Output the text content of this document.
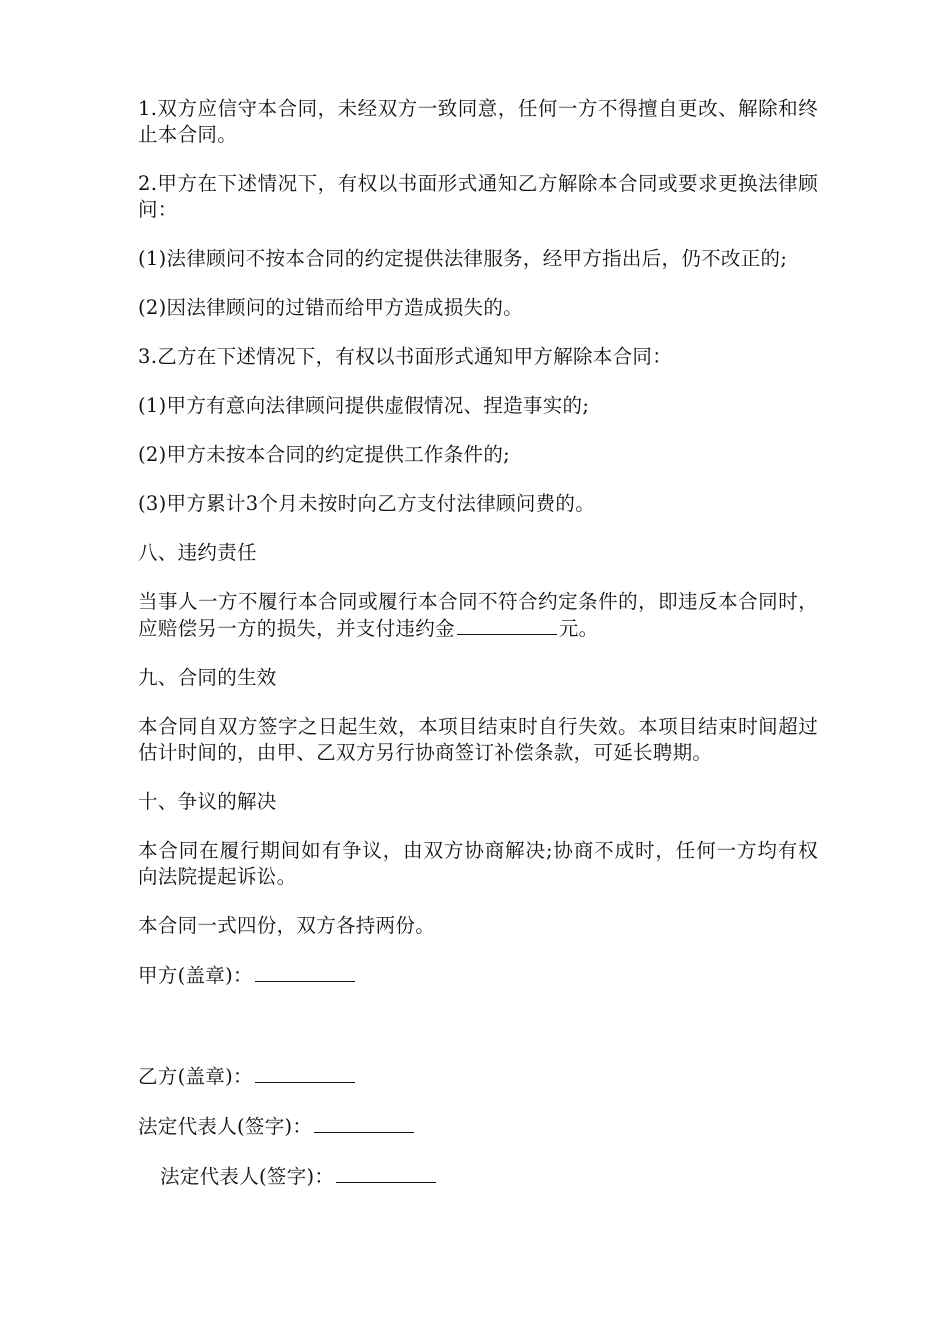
1.双方应信守本合同，未经双方一致同意，任何一方不得擅自更改、解除和终止本合同。

2.甲方在下述情况下，有权以书面形式通知乙方解除本合同或要求更换法律顾问：

(1)法律顾问不按本合同的约定提供法律服务，经甲方指出后，仍不改正的;

(2)因法律顾问的过错而给甲方造成损失的。

3.乙方在下述情况下，有权以书面形式通知甲方解除本合同：

(1)甲方有意向法律顾问提供虚假情况、捏造事实的;

(2)甲方未按本合同的约定提供工作条件的;

(3)甲方累计3个月未按时向乙方支付法律顾问费的。

八、违约责任

当事人一方不履行本合同或履行本合同不符合约定条件的，即违反本合同时，应赔偿另一方的损失，并支付违约金	元。

九、合同的生效

本合同自双方签字之日起生效，本项目结束时自行失效。本项目结束时间超过估计时间的，由甲、乙双方另行协商签订补偿条款，可延长聘期。

十、争议的解决

本合同在履行期间如有争议，由双方协商解决;协商不成时，任何一方均有权向法院提起诉讼。

本合同一式四份，双方各持两份。

甲方(盖章)：

乙方(盖章)：

法定代表人(签字)：

法定代表人(签字)：
